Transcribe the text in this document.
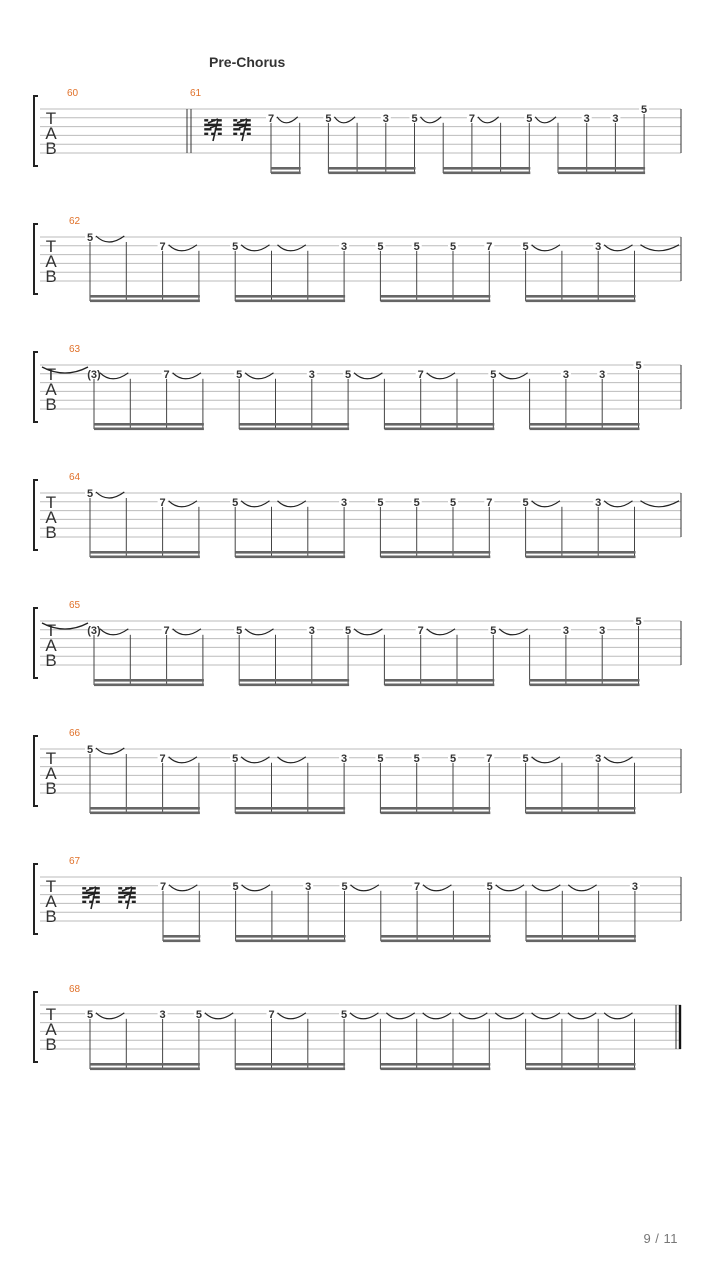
Pre-Chorus
T
A
B
60	61
𝍁 𝍁 7	5	3 5	7	5	3 3
5
T
A
B
62
5
7	5	3	5	5	5	7	5	3
T
A
B
63
(3)	7	5	3	5	7	5	3	3
5
T
A
B
64
5
7	5	3	5	5	5	7	5	3
T
A
B
65
(3)	7	5	3	5	7	5	3	3
5
T
A
B
66
5
7	5	3	5	5	5	7	5	3
T
A
B
67
𝍁 𝍁 7	5	3	5	7	5	3
T
A
B
68
5	3	5	7	5
9 / 11
